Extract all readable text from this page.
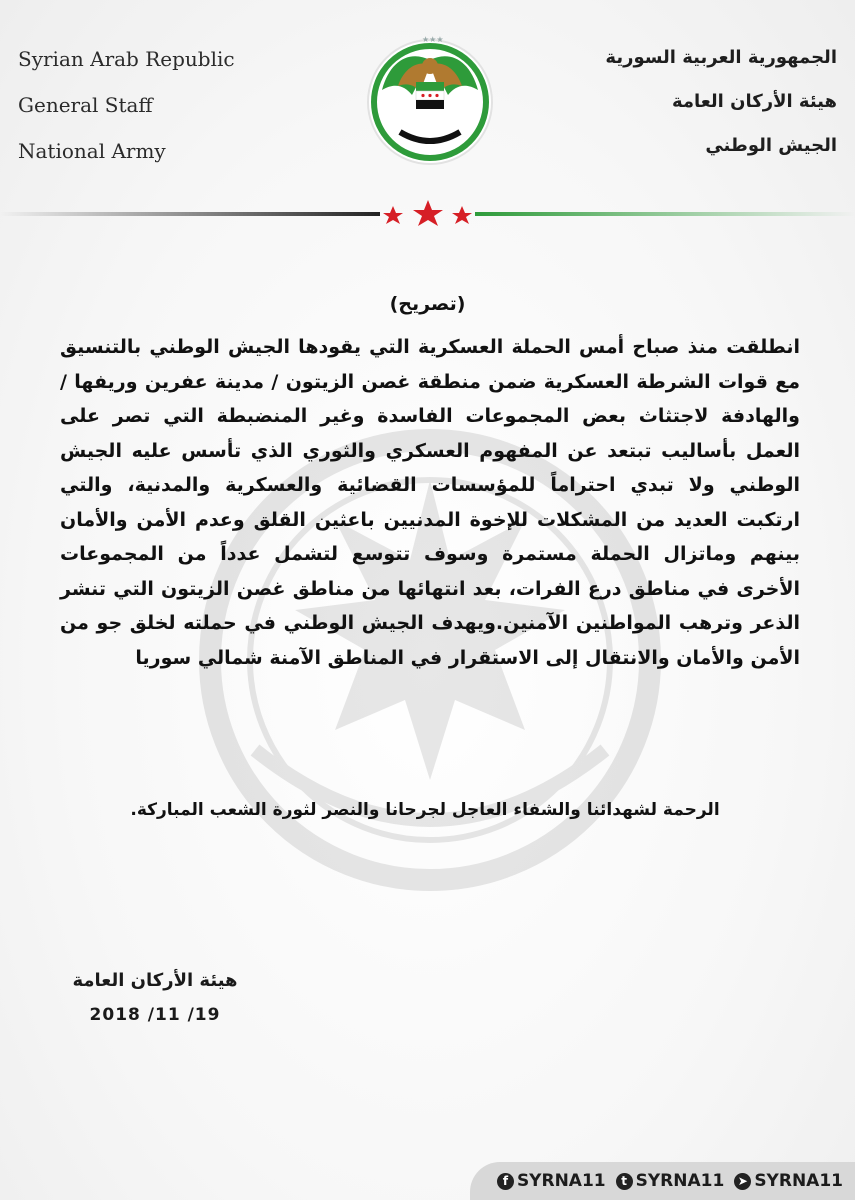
Syrian Arab Republic
General Staff
National Army
الجمهورية العربية السورية
هيئة الأركان العامة
الجيش الوطني
★★★
(تصريح)
انطلقت منذ صباح أمس الحملة العسكرية التي يقودها الجيش الوطني بالتنسيق مع قوات الشرطة العسكرية ضمن منطقة غصن الزيتون / مدينة عفرين وريفها / والهادفة لاجتثاث بعض المجموعات الفاسدة وغير المنضبطة التي تصر على العمل بأساليب تبتعد عن المفهوم العسكري والثوري الذي تأسس عليه الجيش الوطني ولا تبدي احتراماً للمؤسسات القضائية والعسكرية والمدنية، والتي ارتكبت العديد من المشكلات للإخوة المدنيين باعثين القلق وعدم الأمن والأمان بينهم وماتزال الحملة مستمرة وسوف تتوسع لتشمل عدداً من المجموعات الأخرى في مناطق درع الفرات، بعد انتهائها من مناطق غصن الزيتون التي تنشر الذعر وترهب المواطنين الآمنين.ويهدف الجيش الوطني في حملته لخلق جو من الأمن والأمان والانتقال إلى الاستقرار في المناطق الآمنة شمالي سوريا
الرحمة لشهدائنا والشفاء العاجل لجرحانا والنصر لثورة الشعب المباركة.
هيئة الأركان العامة
2018 /11 /19
f SYRNA11	t SYRNA11 ➤ SYRNA11
